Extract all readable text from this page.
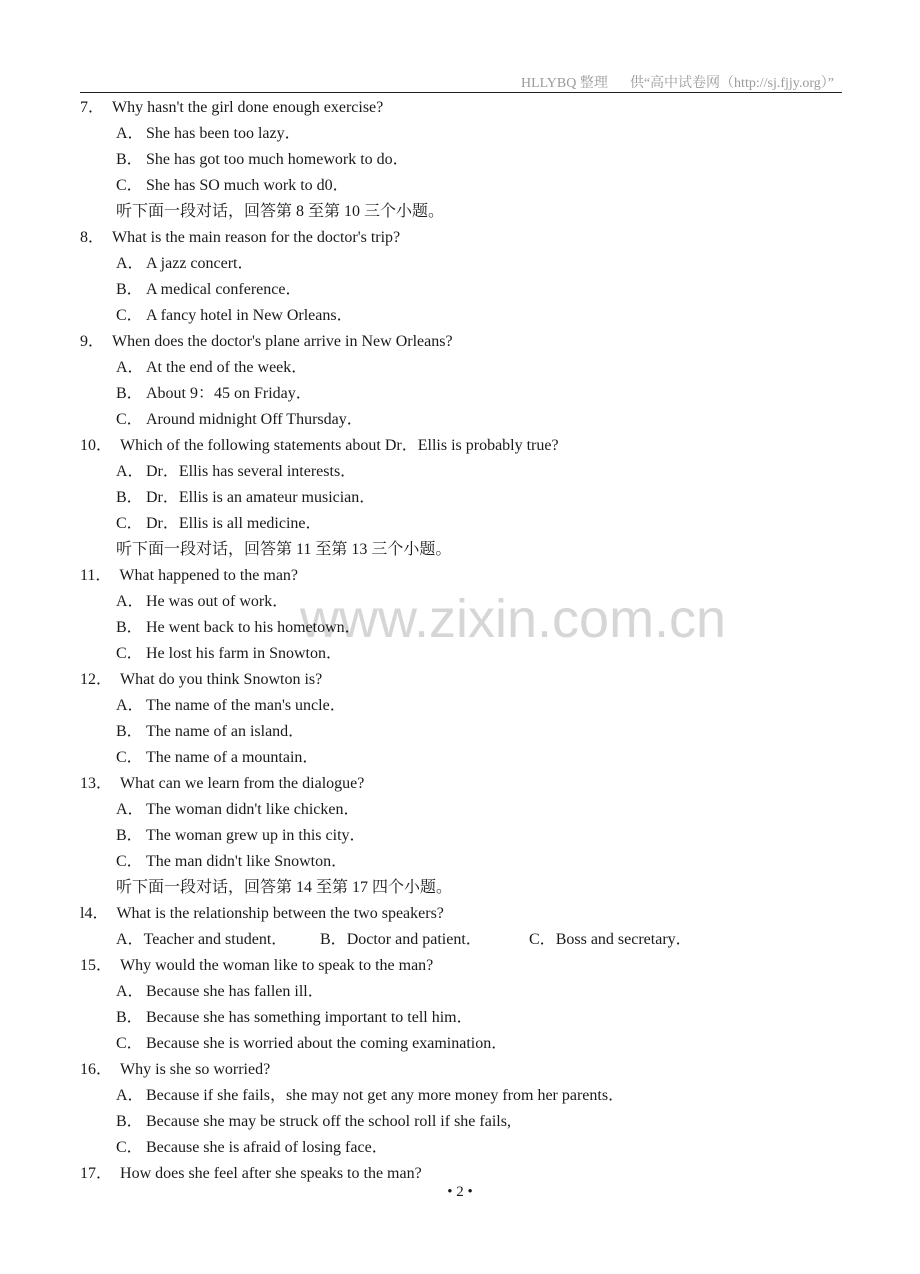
HLLYBQ 整理 供“高中试卷网（http://sj.fjjy.org）”
www.zixin.com.cn
7． Why hasn't the girl done enough exercise?
A． She has been too lazy．
B． She has got too much homework to do．
C． She has SO much work to d0．
听下面一段对话，回答第 8 至第 10 三个小题。
8． What is the main reason for the doctor's trip?
A． A jazz concert．
B． A medical conference．
C． A fancy hotel in New Orleans．
9． When does the doctor's plane arrive in New Orleans?
A． At the end of the week．
B． About 9：45 on Friday．
C． Around midnight Off Thursday．
10． Which of the following statements about Dr．Ellis is probably true?
A． Dr．Ellis has several interests．
B． Dr．Ellis is an amateur musician．
C． Dr．Ellis is all medicine．
听下面一段对话，回答第 11 至第 13 三个小题。
11． What happened to the man?
A． He was out of work．
B． He went back to his hometown．
C． He lost his farm in Snowton．
12． What do you think Snowton is?
A． The name of the man's uncle．
B． The name of an island．
C． The name of a mountain．
13． What can we learn from the dialogue?
A． The woman didn't like chicken．
B． The woman grew up in this city．
C． The man didn't like Snowton．
听下面一段对话，回答第 14 至第 17 四个小题。
l4． What is the relationship between the two speakers?
A．Teacher and student． B．Doctor and patient．	C．Boss and secretary．
15． Why would the woman like to speak to the man?
A． Because she has fallen ill．
B． Because she has something important to tell him．
C． Because she is worried about the coming examination．
16． Why is she so worried?
A． Because if she fails，she may not get any more money from her parents．
B． Because she may be struck off the school roll if she fails,
C． Because she is afraid of losing face．
17． How does she feel after she speaks to the man?
• 2 •
